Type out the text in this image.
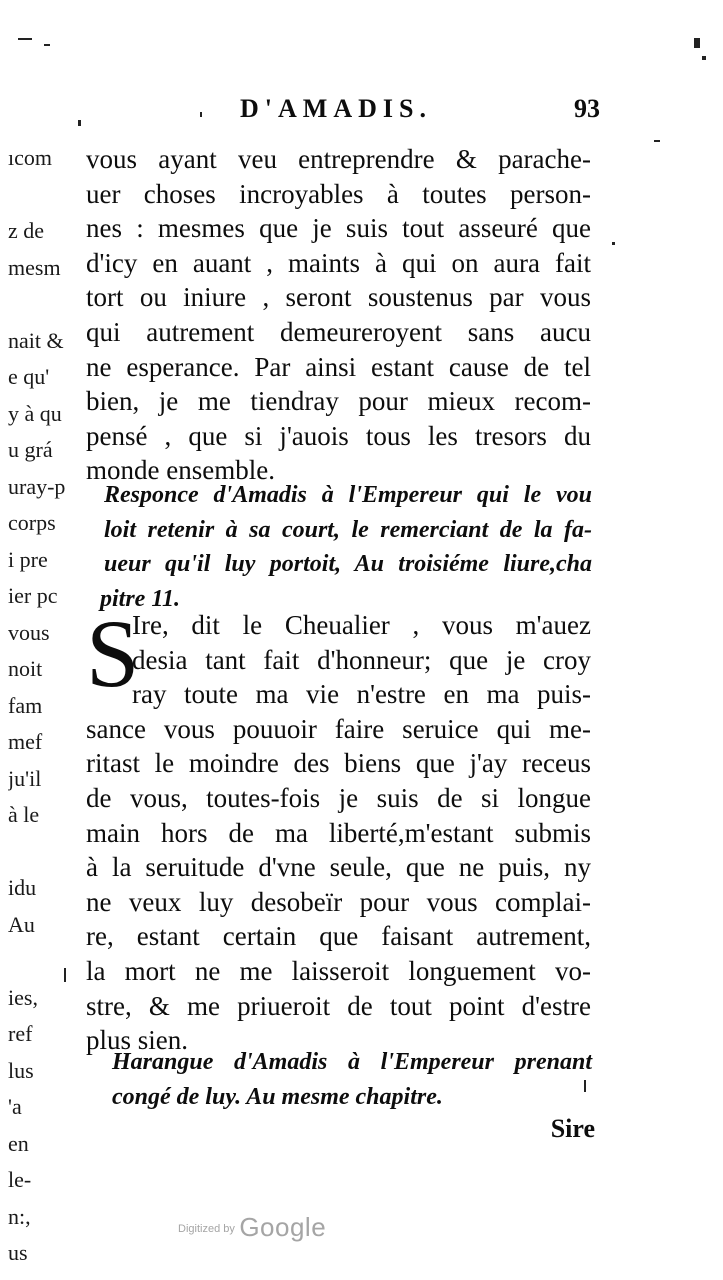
ıcom
z de
mesm
nait &
e qu'
y à qu
u grá
uray-p
corps
i pre
ier pc
vous
noit
fam
mef
ju'il
à le
idu
Au
ies,
ref
lus
'a
en
le-
n:,
us
D'AMADIS.	93
vous ayant veu entreprendre & parache-
uer choses incroyables à toutes person-
nes : mesmes que je suis tout asseuré que
d'icy en auant , maints à qui on aura fait
tort ou iniure , seront soustenus par vous
qui autrement demeureroyent sans aucu
ne esperance. Par ainsi estant cause de tel
bien, je me tiendray pour mieux recom-
pensé , que si j'auois tous les tresors du
monde ensemble.
Responce d'Amadis à l'Empereur qui le vou
loit retenir à sa court, le remerciant de la fa-
ueur qu'il luy portoit, Au troisiéme liure,cha
pitre 11.
S
Ire, dit le Cheualier , vous m'auez
desia tant fait d'honneur; que je croy
ray toute ma vie n'estre en ma puis-
sance vous pouuoir faire seruice qui me-
ritast le moindre des biens que j'ay receus
de vous, toutes-fois je suis de si longue
main hors de ma liberté,m'estant submis
à la seruitude d'vne seule, que ne puis, ny
ne veux luy desobeïr pour vous complai-
re, estant certain que faisant autrement,
la mort ne me laisseroit longuement vo-
stre, & me priueroit de tout point d'estre
plus sien.
Harangue d'Amadis à l'Empereur prenant
congé de luy. Au mesme chapitre.
Sire
$^{Digitized by}$ Google
